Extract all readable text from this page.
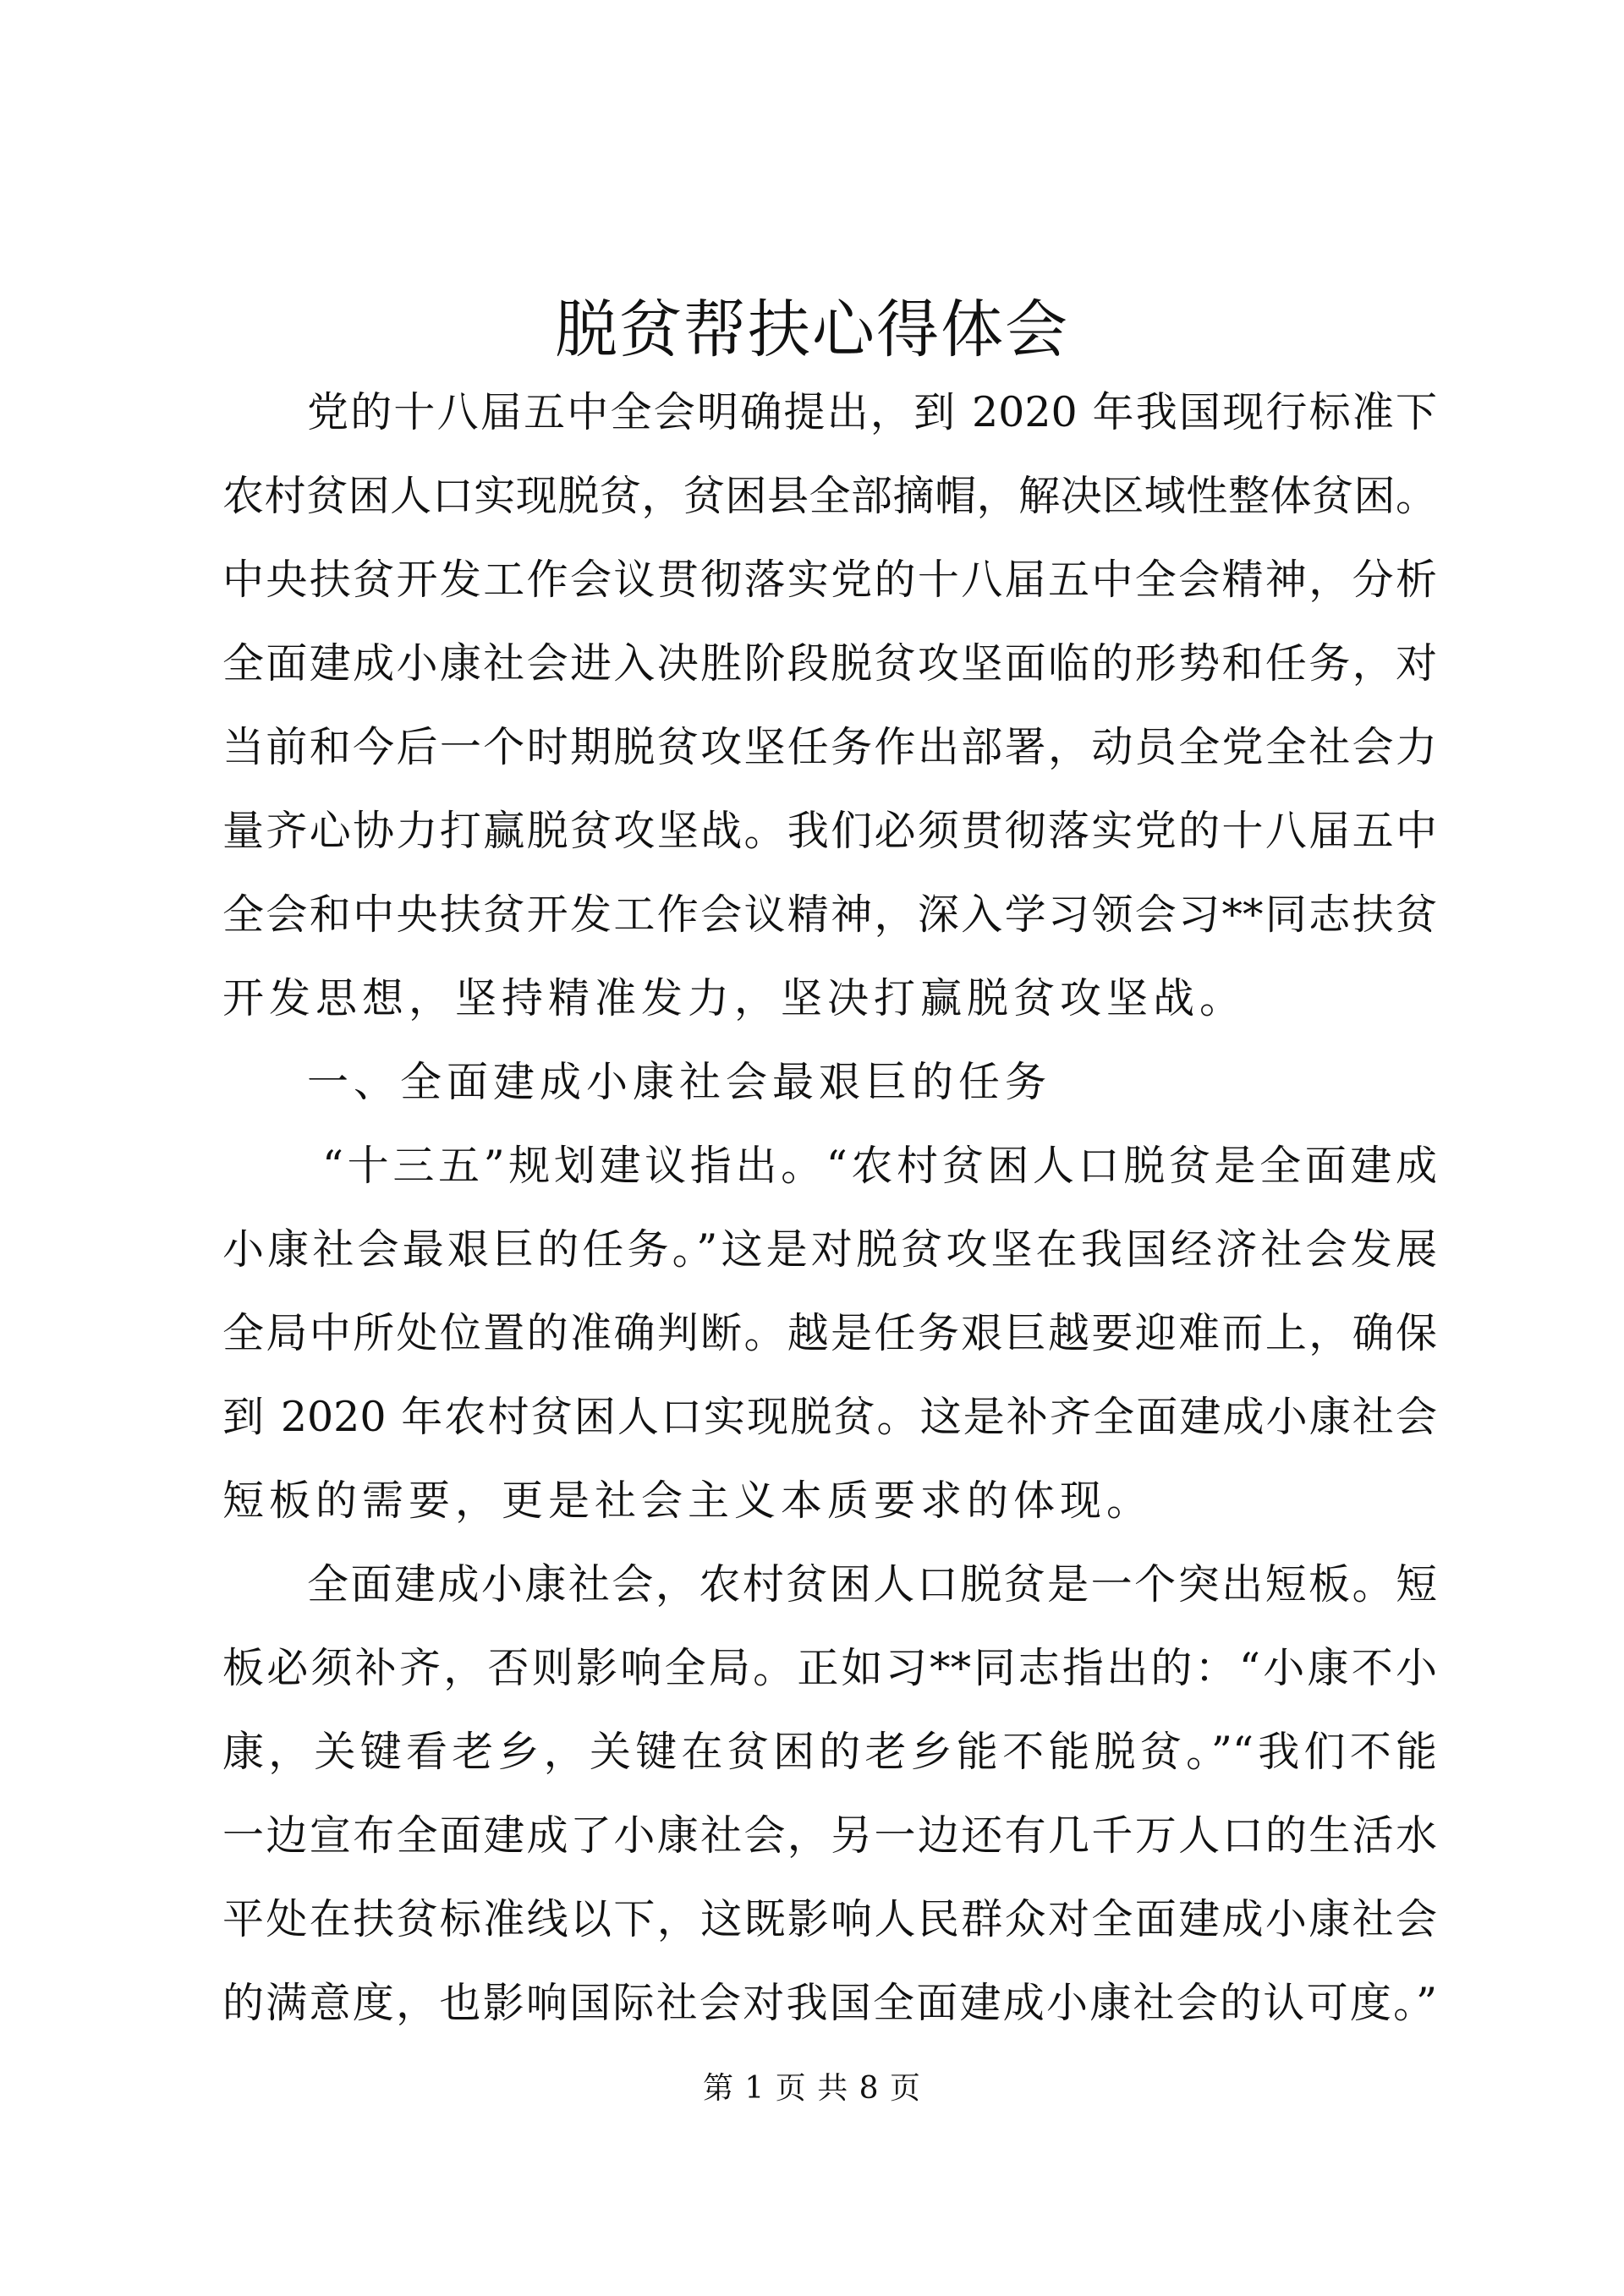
脱贫帮扶心得体会
党的十八届五中全会明确提出，到 2020 年我国现行标准下
农村贫困人口实现脱贫，贫困县全部摘帽，解决区域性整体贫困。
中央扶贫开发工作会议贯彻落实党的十八届五中全会精神，分析
全面建成小康社会进入决胜阶段脱贫攻坚面临的形势和任务，对
当前和今后一个时期脱贫攻坚任务作出部署，动员全党全社会力
量齐心协力打赢脱贫攻坚战。我们必须贯彻落实党的十八届五中
全会和中央扶贫开发工作会议精神，深入学习领会习**同志扶贫
开发思想，坚持精准发力，坚决打赢脱贫攻坚战。
一、全面建成小康社会最艰巨的任务
“十三五”规划建议指出。“农村贫困人口脱贫是全面建成
小康社会最艰巨的任务。”这是对脱贫攻坚在我国经济社会发展
全局中所处位置的准确判断。越是任务艰巨越要迎难而上，确保
到 2020 年农村贫困人口实现脱贫。这是补齐全面建成小康社会
短板的需要，更是社会主义本质要求的体现。
全面建成小康社会，农村贫困人口脱贫是一个突出短板。短
板必须补齐，否则影响全局。正如习**同志指出的：“小康不小
康，关键看老乡，关键在贫困的老乡能不能脱贫。”“我们不能
一边宣布全面建成了小康社会，另一边还有几千万人口的生活水
平处在扶贫标准线以下，这既影响人民群众对全面建成小康社会
的满意度，也影响国际社会对我国全面建成小康社会的认可度。”
第 1 页 共 8 页
